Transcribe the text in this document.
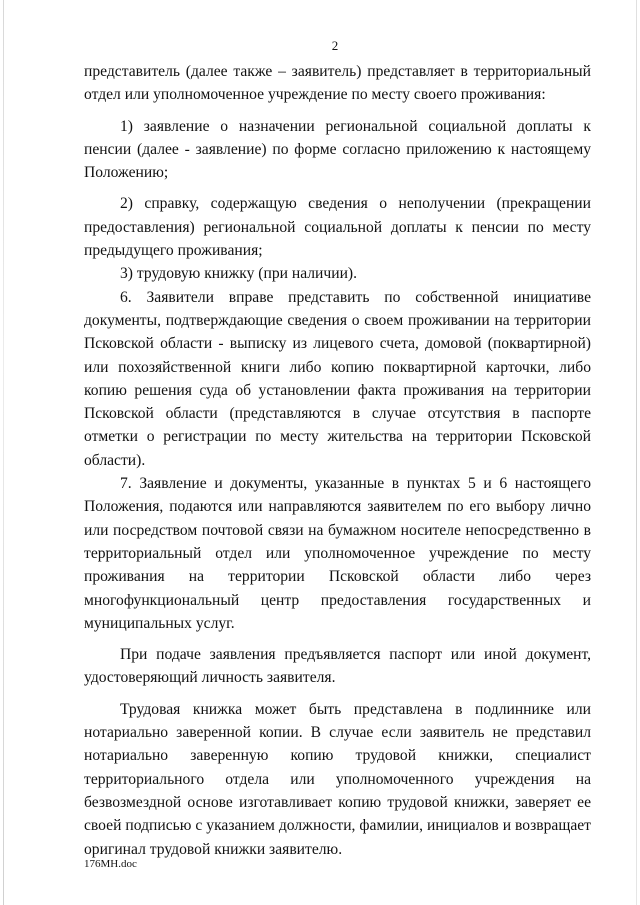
2

представитель (далее также – заявитель) представляет в территориальный отдел или уполномоченное учреждение по месту своего проживания:

1) заявление о назначении региональной социальной доплаты к пенсии (далее - заявление) по форме согласно приложению к настоящему Положению;

2) справку, содержащую сведения о неполучении (прекращении предоставления) региональной социальной доплаты к пенсии по месту предыдущего проживания;

3) трудовую книжку (при наличии).

6. Заявители вправе представить по собственной инициативе документы, подтверждающие сведения о своем проживании на территории Псковской области - выписку из лицевого счета, домовой (поквартирной) или похозяйственной книги либо копию поквартирной карточки, либо копию решения суда об установлении факта проживания на территории Псковской области (представляются в случае отсутствия в паспорте отметки о регистрации по месту жительства на территории Псковской области).

7. Заявление и документы, указанные в пунктах 5 и 6 настоящего Положения, подаются или направляются заявителем по его выбору лично или посредством почтовой связи на бумажном носителе непосредственно в территориальный отдел или уполномоченное учреждение по месту проживания на территории Псковской области либо через многофункциональный центр предоставления государственных и муниципальных услуг.

При подаче заявления предъявляется паспорт или иной документ, удостоверяющий личность заявителя.

Трудовая книжка может быть представлена в подлиннике или нотариально заверенной копии. В случае если заявитель не представил нотариально заверенную копию трудовой книжки, специалист территориального отдела или уполномоченного учреждения на безвозмездной основе изготавливает копию трудовой книжки, заверяет ее своей подписью с указанием должности, фамилии, инициалов и возвращает оригинал трудовой книжки заявителю.

176МН.doc
